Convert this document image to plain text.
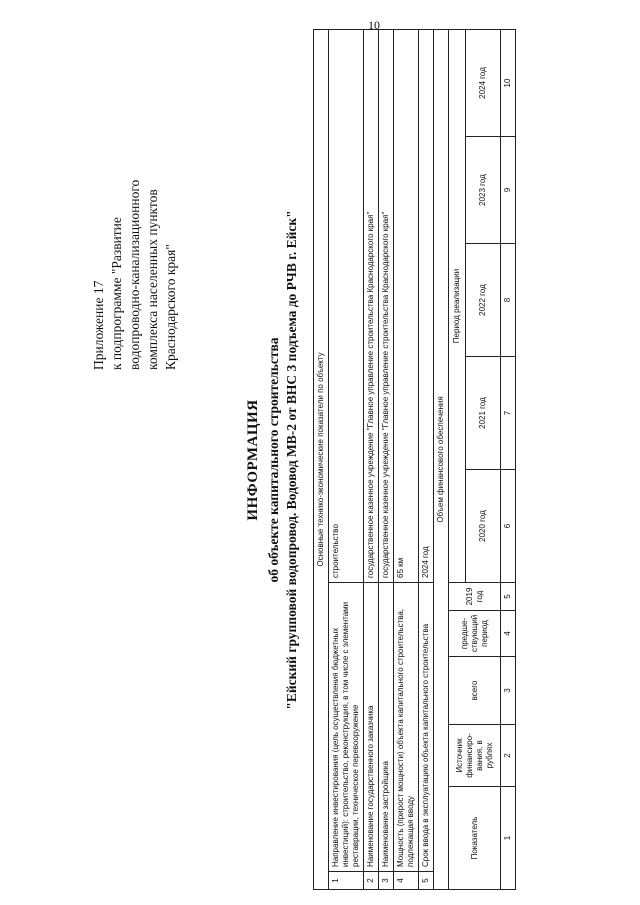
10
Приложение 17 к подпрограмме "Развитие водопроводно-канализационного комплекса населенных пунктов Краснодарского края"
ИНФОРМАЦИЯ об объекте капитального строительства "Ейский групповой водопровод. Водовод МВ-2 от ВНС 3 подъема до РЧВ г. Ейск" Основные технико-экономические показатели по объекту										
1	Направление инвестирования (цель осуществления бюджетных инвестиций): строительство, реконструкция, в том числе с элементами реставрации, техническое перевооружение					строительство				
2	Наименование государственного заказчика					государственное казенное учреждение "Главное управление строительства Краснодарского края"				
3	Наименование застройщика					государственное казенное учреждение "Главное управление строительства Краснодарского края"				
4	Мощность (прирост мощности) объекта капитального строительства, подлежащая вводу					65 км				
5	Срок ввода в эксплуатацию объекта капитального строительства					2024 год				
Объем финансового обеспечения										
Показатель		Источник финансиро-вания, в рублях	всего	предше-ствующий период	2019 год	Период реализации				
						2020 год	2021 год	2022 год	2023 год	2024 год
1		2	3	4	5	6	7	8	9	10
